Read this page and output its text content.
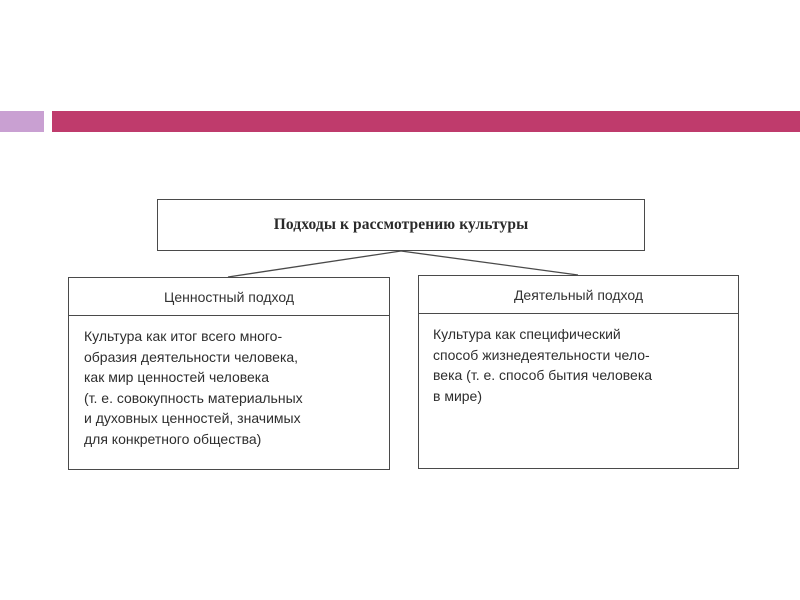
Подходы к рассмотрению культуры
Ценностный подход
Культура как итог всего много-
образия деятельности человека,
как мир ценностей человека
(т. е. совокупность материальных
и духовных ценностей, значимых
для конкретного общества)
Деятельный подход
Культура как специфический
способ жизнедеятельности чело-
века (т. е. способ бытия человека
в мире)
